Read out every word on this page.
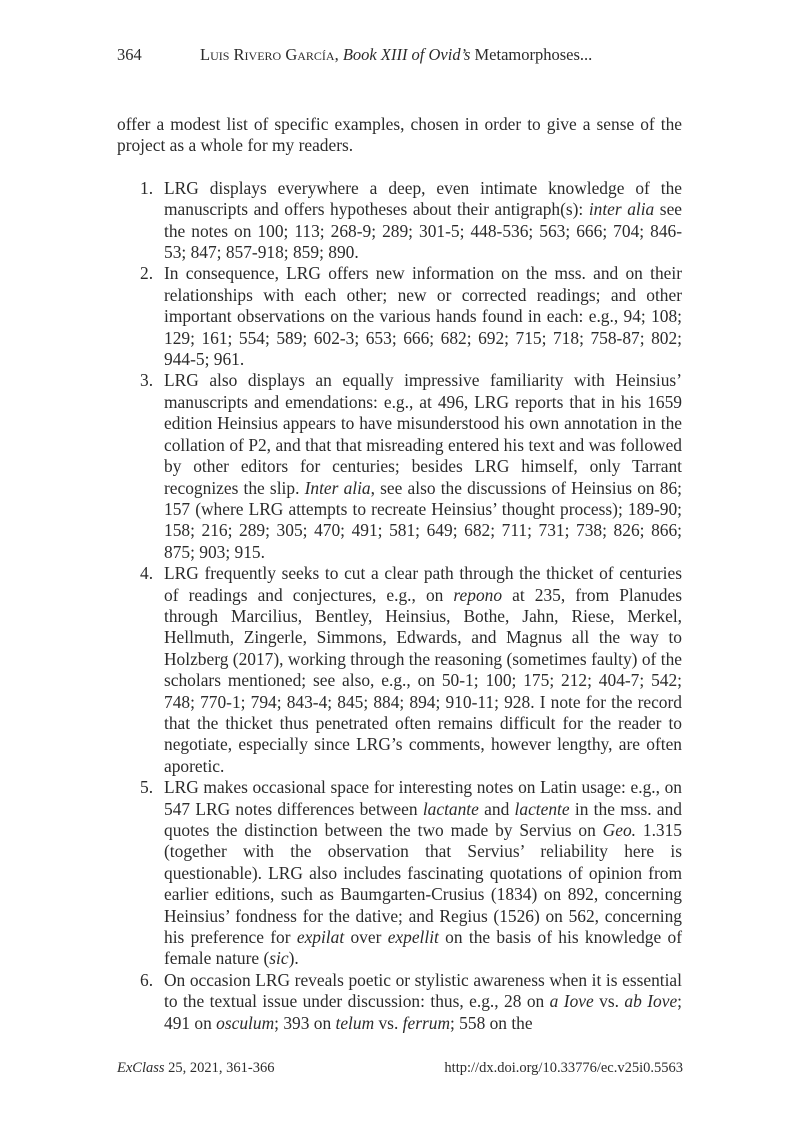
364	Luis Rivero García, Book XIII of Ovid’s Metamorphoses...

offer a modest list of specific examples, chosen in order to give a sense of the project as a whole for my readers.

1. LRG displays everywhere a deep, even intimate knowledge of the manuscripts and offers hypotheses about their antigraph(s): inter alia see the notes on 100; 113; 268-9; 289; 301-5; 448-536; 563; 666; 704; 846-53; 847; 857-918; 859; 890.
2. In consequence, LRG offers new information on the mss. and on their relationships with each other; new or corrected readings; and other important observations on the various hands found in each: e.g., 94; 108; 129; 161; 554; 589; 602-3; 653; 666; 682; 692; 715; 718; 758-87; 802; 944-5; 961.
3. LRG also displays an equally impressive familiarity with Heinsius’ manuscripts and emendations: e.g., at 496, LRG reports that in his 1659 edition Heinsius appears to have misunderstood his own annotation in the collation of P2, and that that misreading entered his text and was followed by other editors for centuries; besides LRG himself, only Tarrant recognizes the slip. Inter alia, see also the discussions of Heinsius on 86; 157 (where LRG attempts to recreate Heinsius’ thought process); 189-90; 158; 216; 289; 305; 470; 491; 581; 649; 682; 711; 731; 738; 826; 866; 875; 903; 915.
4. LRG frequently seeks to cut a clear path through the thicket of centuries of readings and conjectures, e.g., on repono at 235, from Planudes through Marcilius, Bentley, Heinsius, Bothe, Jahn, Riese, Merkel, Hellmuth, Zingerle, Simmons, Edwards, and Magnus all the way to Holzberg (2017), working through the reasoning (sometimes faulty) of the scholars mentioned; see also, e.g., on 50-1; 100; 175; 212; 404-7; 542; 748; 770-1; 794; 843-4; 845; 884; 894; 910-11; 928. I note for the record that the thicket thus penetrated often remains difficult for the reader to negotiate, especially since LRG’s comments, however lengthy, are often aporetic.
5. LRG makes occasional space for interesting notes on Latin usage: e.g., on 547 LRG notes differences between lactante and lactente in the mss. and quotes the distinction between the two made by Servius on Geo. 1.315 (together with the observation that Servius’ reliability here is questionable). LRG also includes fascinating quotations of opinion from earlier editions, such as Baumgarten-Crusius (1834) on 892, concerning Heinsius’ fondness for the dative; and Regius (1526) on 562, concerning his preference for expilat over expellit on the basis of his knowledge of female nature (sic).
6. On occasion LRG reveals poetic or stylistic awareness when it is essential to the textual issue under discussion: thus, e.g., 28 on a Iove vs. ab Iove; 491 on osculum; 393 on telum vs. ferrum; 558 on the
ExClass 25, 2021, 361-366	http://dx.doi.org/10.33776/ec.v25i0.5563
